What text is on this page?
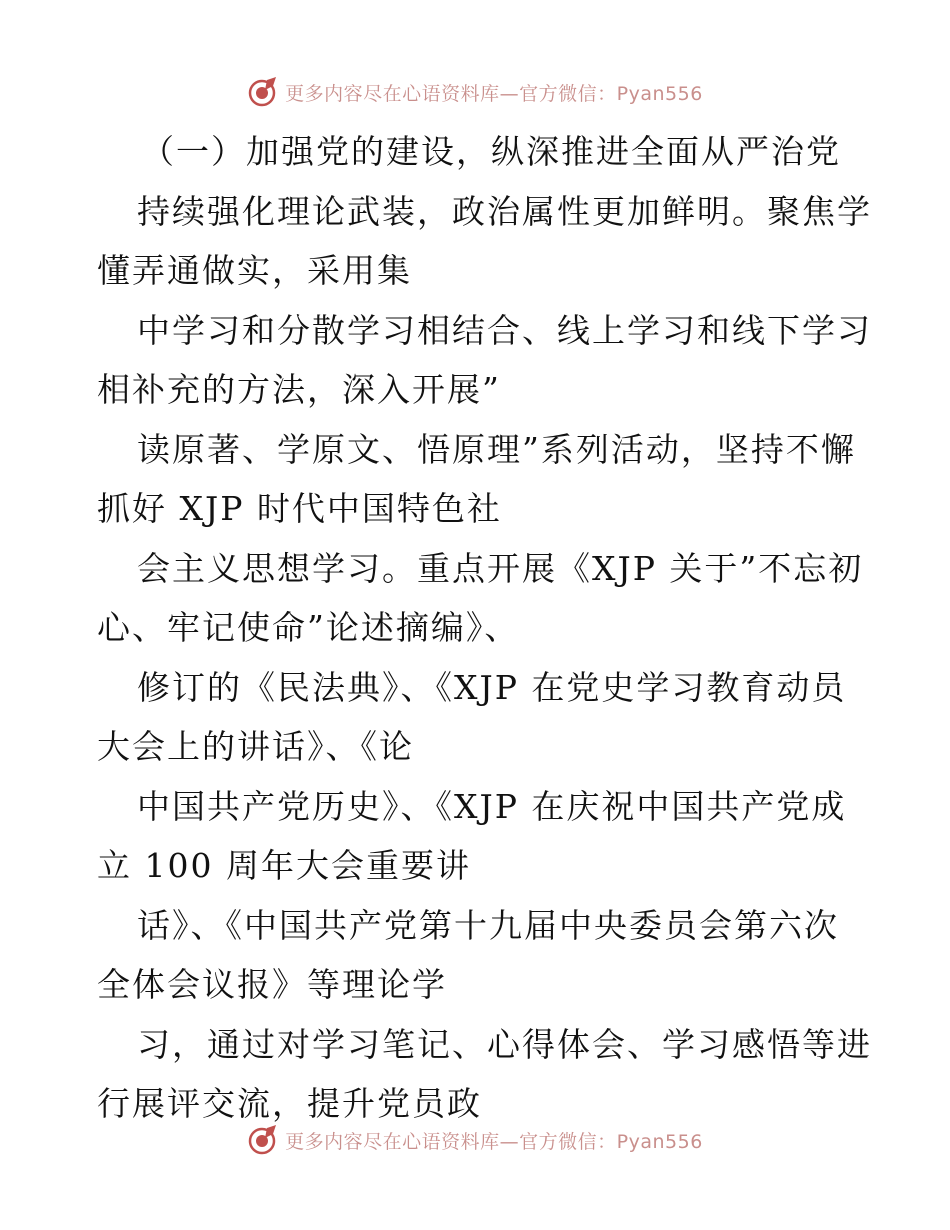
更多内容尽在心语资料库—官方微信：Pyan556
（一）加强党的建设，纵深推进全面从严治党
持续强化理论武装，政治属性更加鲜明。聚焦学
懂弄通做实，采用集
中学习和分散学习相结合、线上学习和线下学习
相补充的方法，深入开展”
读原著、学原文、悟原理”系列活动，坚持不懈
抓好 XJP 时代中国特色社
会主义思想学习。重点开展《XJP 关于”不忘初
心、牢记使命”论述摘编》、
修订的《民法典》、《XJP 在党史学习教育动员
大会上的讲话》、《论
中国共产党历史》、《XJP 在庆祝中国共产党成
立 100 周年大会重要讲
话》、《中国共产党第十九届中央委员会第六次
全体会议报》等理论学
习，通过对学习笔记、心得体会、学习感悟等进
行展评交流，提升党员政
更多内容尽在心语资料库—官方微信：Pyan556
